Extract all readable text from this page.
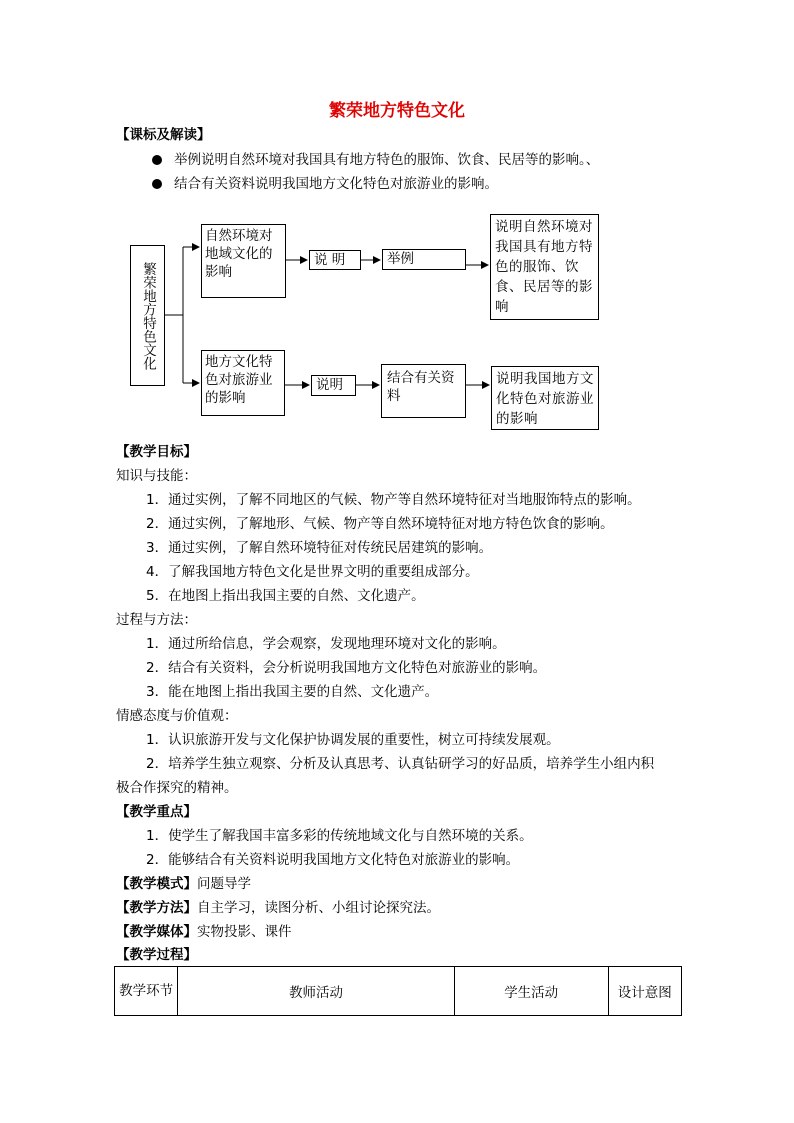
繁荣地方特色文化
【课标及解读】
举例说明自然环境对我国具有地方特色的服饰、饮食、民居等的影响。、
结合有关资料说明我国地方文化特色对旅游业的影响。
繁荣地方特色文化
自然环境对地域文化的影响
说 明	举例
说明自然环境对我国具有地方特色的服饰、饮食、民居等的影响
地方文化特色对旅游业的影响
说明	结合有关资料
说明我国地方文化特色对旅游业的影响
【教学目标】
知识与技能：
1．通过实例，了解不同地区的气候、物产等自然环境特征对当地服饰特点的影响。
2．通过实例，了解地形、气候、物产等自然环境特征对地方特色饮食的影响。
3．通过实例，了解自然环境特征对传统民居建筑的影响。
4．了解我国地方特色文化是世界文明的重要组成部分。
5．在地图上指出我国主要的自然、文化遗产。
过程与方法：
1．通过所给信息，学会观察，发现地理环境对文化的影响。
2．结合有关资料，会分析说明我国地方文化特色对旅游业的影响。
3．能在地图上指出我国主要的自然、文化遗产。
情感态度与价值观：
1．认识旅游开发与文化保护协调发展的重要性，树立可持续发展观。
2．培养学生独立观察、分析及认真思考、认真钻研学习的好品质，培养学生小组内积
极合作探究的精神。
【教学重点】
1．使学生了解我国丰富多彩的传统地域文化与自然环境的关系。
2．能够结合有关资料说明我国地方文化特色对旅游业的影响。
【教学模式】问题导学
【教学方法】自主学习，读图分析、小组讨论探究法。
【教学媒体】实物投影、课件
【教学过程】
教学环节	教师活动	学生活动	设计意图
